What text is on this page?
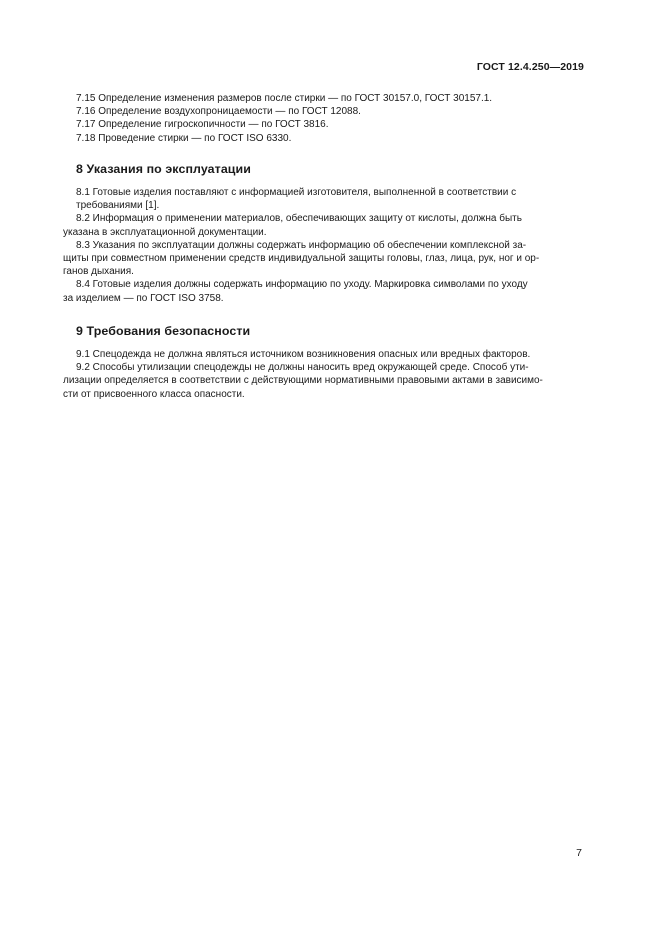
ГОСТ 12.4.250—2019
7.15 Определение изменения размеров после стирки — по ГОСТ 30157.0, ГОСТ 30157.1.
7.16 Определение воздухопроницаемости — по ГОСТ 12088.
7.17 Определение гигроскопичности — по ГОСТ 3816.
7.18 Проведение стирки — по ГОСТ ISO 6330.
8 Указания по эксплуатации
8.1 Готовые изделия поставляют с информацией изготовителя, выполненной в соответствии с
требованиями [1].
8.2 Информация о применении материалов, обеспечивающих защиту от кислоты, должна быть
указана в эксплуатационной документации.
8.3 Указания по эксплуатации должны содержать информацию об обеспечении комплексной за-
щиты при совместном применении средств индивидуальной защиты головы, глаз, лица, рук, ног и ор-
ганов дыхания.
8.4 Готовые изделия должны содержать информацию по уходу. Маркировка символами по уходу
за изделием — по ГОСТ ISO 3758.
9 Требования безопасности
9.1 Спецодежда не должна являться источником возникновения опасных или вредных факторов.
9.2 Способы утилизации спецодежды не должны наносить вред окружающей среде. Способ ути-
лизации определяется в соответствии с действующими нормативными правовыми актами в зависимо-
сти от присвоенного класса опасности.
7
